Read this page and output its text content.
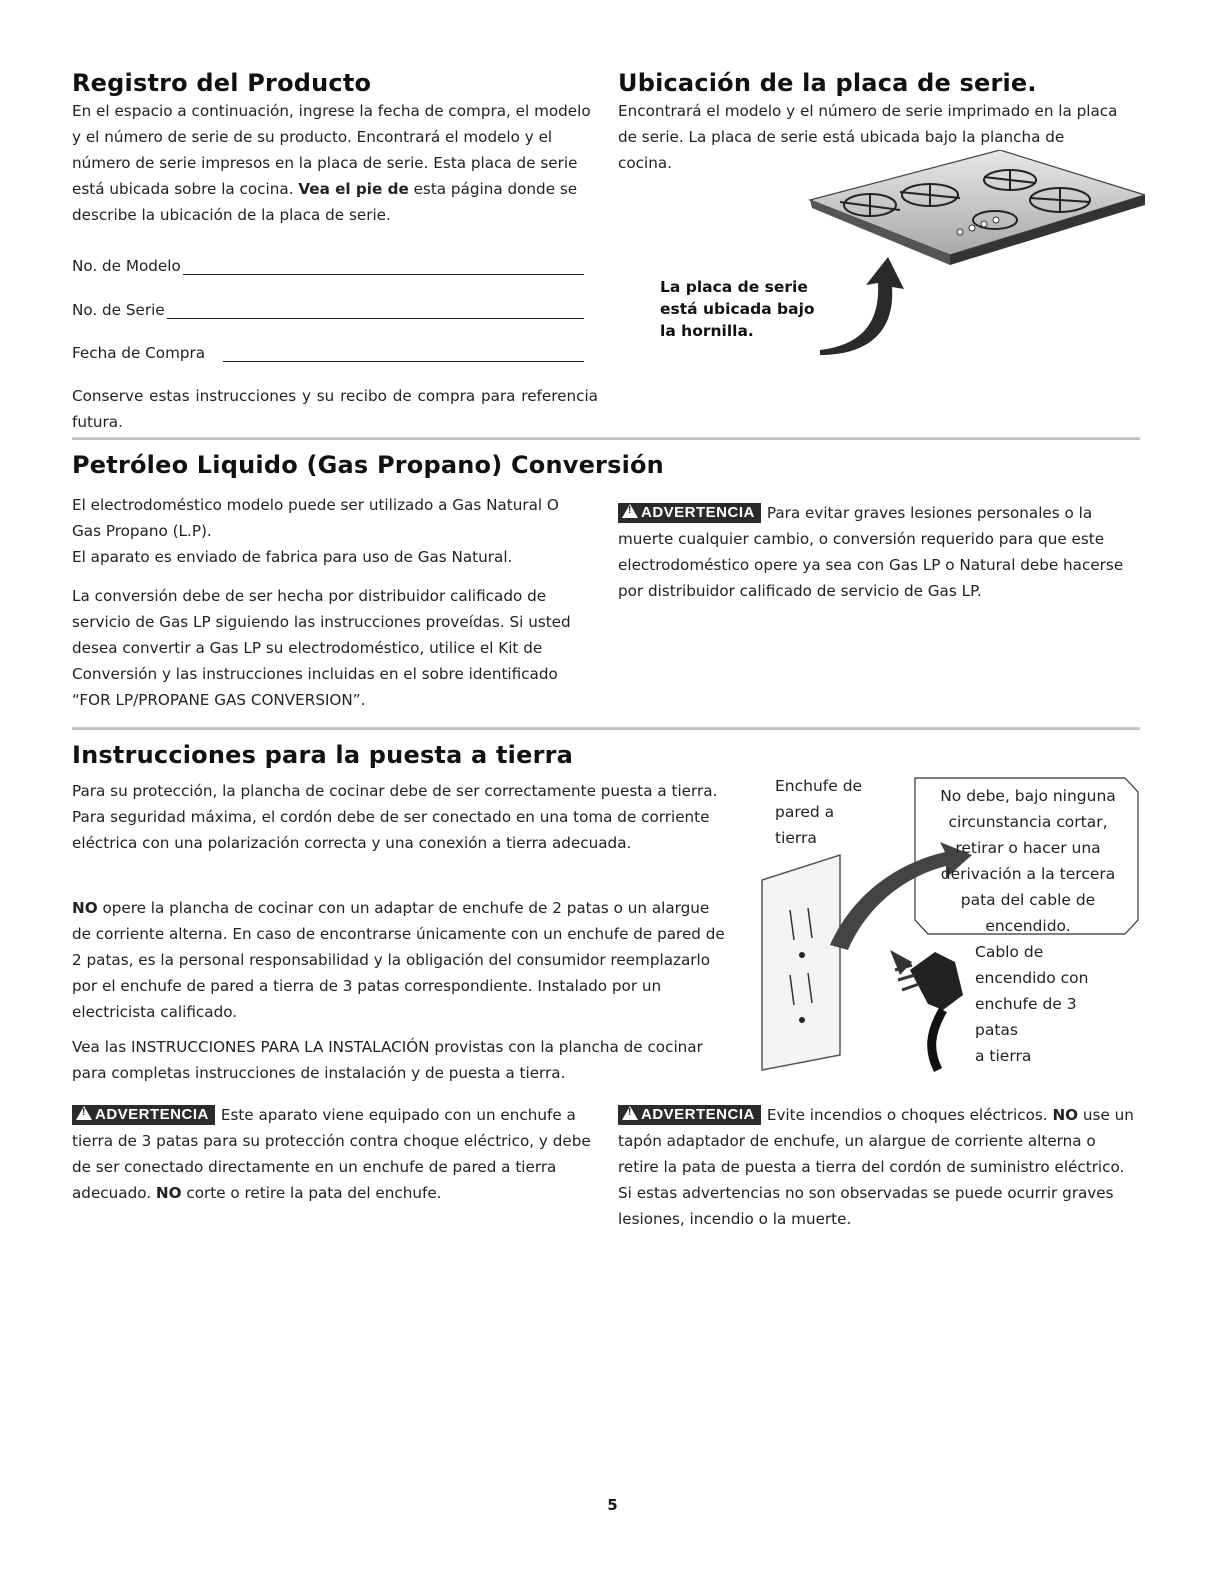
Registro del Producto

En el espacio a continuación, ingrese la fecha de compra, el modelo y el número de serie de su producto. Encontrará el modelo y el número de serie impresos en la placa de serie. Esta placa de serie está ubicada sobre la cocina. Vea el pie de esta página donde se describe la ubicación de la placa de serie.

No. de Modelo
No. de Serie
Fecha de Compra

Conserve estas instrucciones y su recibo de compra para referencia futura.

Ubicación de la placa de serie.

Encontrará el modelo y el número de serie imprimado en la placa de serie. La placa de serie está ubicada bajo la plancha de cocina.

La placa de serie
está ubicada bajo
la hornilla.
Petróleo Liquido (Gas Propano) Conversión

El electrodoméstico modelo puede ser utilizado a Gas Natural O Gas Propano (L.P).

El aparato es enviado de fabrica para uso de Gas Natural.

La conversión debe de ser hecha por distribuidor calificado de servicio de Gas LP siguiendo las instrucciones proveídas. Si usted desea convertir a Gas LP su electrodoméstico, utilice el Kit de Conversión y las instrucciones incluidas en el sobre identificado “FOR LP/PROPANE GAS CONVERSION”.

!ADVERTENCIA Para evitar graves lesiones personales o la muerte cualquier cambio, o conversión requerido para que este electrodoméstico opere ya sea con Gas LP o Natural debe hacerse por distribuidor calificado de servicio de Gas LP.

Instrucciones para la puesta a tierra

Para su protección, la plancha de cocinar debe de ser correctamente puesta a tierra. Para seguridad máxima, el cordón debe de ser conectado en una toma de corriente eléctrica con una polarización correcta y una conexión a tierra adecuada.

NO opere la plancha de cocinar con un adaptar de enchufe de 2 patas o un alargue de corriente alterna. En caso de encontrarse únicamente con un enchufe de pared de 2 patas, es la personal responsabilidad y la obligación del consumidor reemplazarlo por el enchufe de pared a tierra de 3 patas correspondiente. Instalado por un electricista calificado.

Vea las INSTRUCCIONES PARA LA INSTALACIÓN provistas con la plancha de cocinar para completas instrucciones de instalación y de puesta a tierra.

Enchufe de
pared a
tierra
No debe, bajo ninguna
circunstancia cortar,
retirar o hacer una
derivación a la tercera
pata del cable de
encendido.
Cablo de
encendido con
enchufe de 3
patas
a tierra

!ADVERTENCIA Este aparato viene equipado con un enchufe a tierra de 3 patas para su protección contra choque eléctrico, y debe de ser conectado directamente en un enchufe de pared a tierra adecuado. NO corte o retire la pata del enchufe.

!ADVERTENCIA Evite incendios o choques eléctricos. NO use un tapón adaptador de enchufe, un alargue de corriente alterna o retire la pata de puesta a tierra del cordón de suministro eléctrico. Si estas advertencias no son observadas se puede ocurrir graves lesiones, incendio o la muerte.

5
